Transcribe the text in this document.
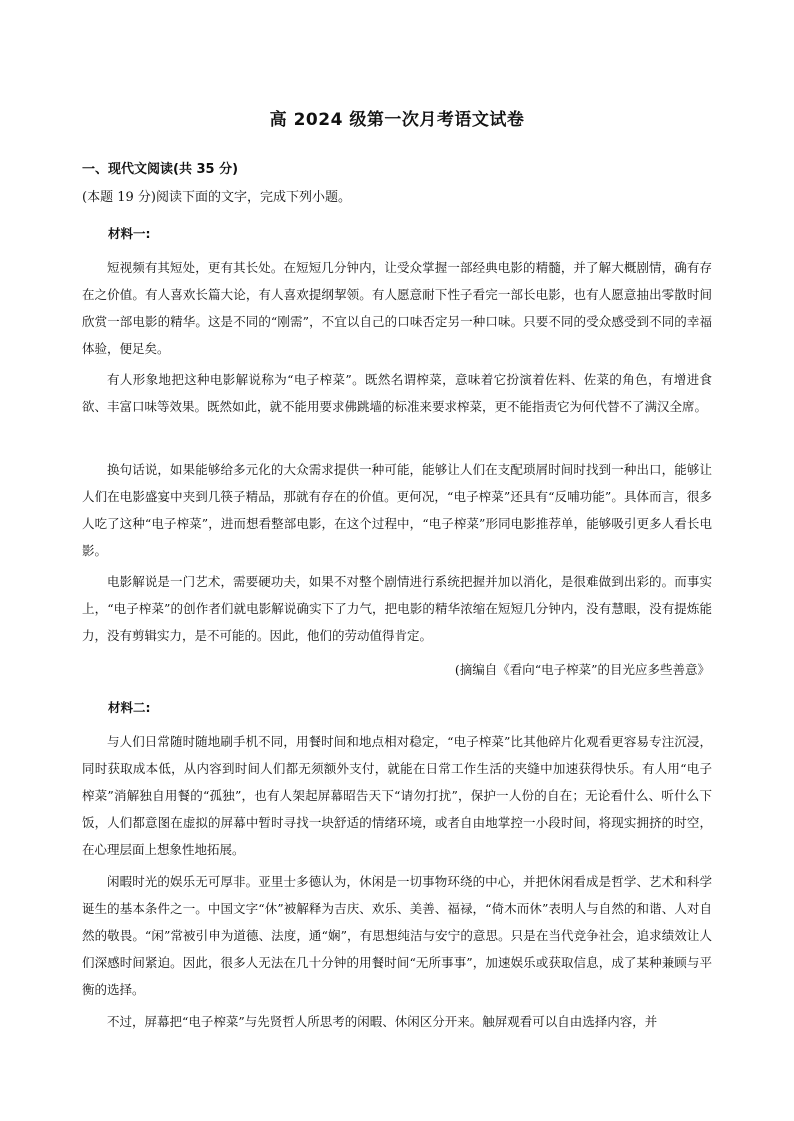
高 2024 级第一次月考语文试卷
一、现代文阅读(共 35 分)
(本题 19 分)阅读下面的文字，完成下列小题。
材料一:
短视频有其短处，更有其长处。在短短几分钟内，让受众掌握一部经典电影的精髓，并了解大概剧情，确有存在之价值。有人喜欢长篇大论，有人喜欢提纲挈领。有人愿意耐下性子看完一部长电影，也有人愿意抽出零散时间欣赏一部电影的精华。这是不同的“刚需”，不宜以自己的口味否定另一种口味。只要不同的受众感受到不同的幸福体验，便足矣。
有人形象地把这种电影解说称为“电子榨菜”。既然名谓榨菜，意味着它扮演着佐料、佐菜的角色，有增进食欲、丰富口味等效果。既然如此，就不能用要求佛跳墙的标准来要求榨菜，更不能指责它为何代替不了满汉全席。
换句话说，如果能够给多元化的大众需求提供一种可能，能够让人们在支配琐屑时间时找到一种出口，能够让人们在电影盛宴中夹到几筷子精品，那就有存在的价值。更何况，“电子榨菜”还具有“反哺功能”。具体而言，很多人吃了这种“电子榨菜”，进而想看整部电影，在这个过程中，“电子榨菜”形同电影推荐单，能够吸引更多人看长电影。
电影解说是一门艺术，需要硬功夫，如果不对整个剧情进行系统把握并加以消化，是很难做到出彩的。而事实上，“电子榨菜”的创作者们就电影解说确实下了力气，把电影的精华浓缩在短短几分钟内，没有慧眼，没有提炼能力，没有剪辑实力，是不可能的。因此，他们的劳动值得肯定。
(摘编自《看向“电子榨菜”的目光应多些善意》
材料二:
与人们日常随时随地刷手机不同，用餐时间和地点相对稳定，“电子榨菜”比其他碎片化观看更容易专注沉浸，同时获取成本低，从内容到时间人们都无须额外支付，就能在日常工作生活的夹缝中加速获得快乐。有人用“电子榨菜”消解独自用餐的“孤独”，也有人架起屏幕昭告天下“请勿打扰”，保护一人份的自在；无论看什么、听什么下饭，人们都意图在虚拟的屏幕中暂时寻找一块舒适的情绪环境，或者自由地掌控一小段时间，将现实拥挤的时空，在心理层面上想象性地拓展。
闲暇时光的娱乐无可厚非。亚里士多德认为，休闲是一切事物环绕的中心，并把休闲看成是哲学、艺术和科学诞生的基本条件之一。中国文字“休”被解释为吉庆、欢乐、美善、福禄，“倚木而休”表明人与自然的和谐、人对自然的敬畏。“闲”常被引申为道德、法度，通“娴”，有思想纯洁与安宁的意思。只是在当代竞争社会，追求绩效让人们深感时间紧迫。因此，很多人无法在几十分钟的用餐时间“无所事事”，加速娱乐或获取信息，成了某种兼顾与平衡的选择。
不过，屏幕把“电子榨菜”与先贤哲人所思考的闲暇、休闲区分开来。触屏观看可以自由选择内容，并
